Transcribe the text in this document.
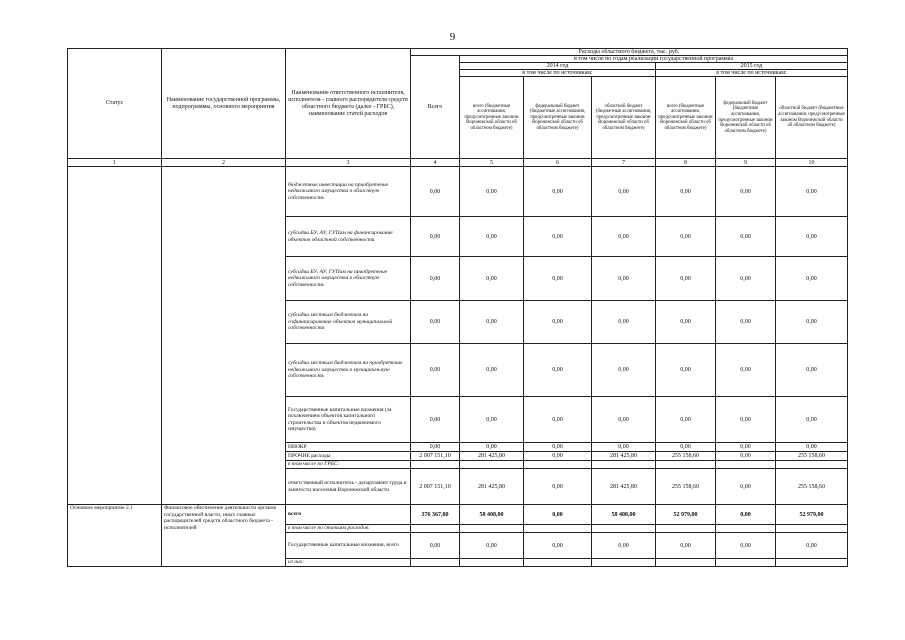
9
Статус	Наименование государственной программы, подпрограммы, основного мероприятия	Наименование ответственного исполнителя, исполнителя - главного распорядителя средств областного бюджета (далее - ГРБС), наименование статей расходов	Расходы областного бюджета, тыс. руб.						
			Всего	в том числе по годам реализации государственной программы					
				2014 год			2015 год		
				в том числе по источникам:			в том числе по источникам:		
				всего (бюджетные ассигнования, предусмотренные законом Воронежской области об областном бюджете)	федеральный бюджет (бюджетные ассигнования, предусмотренные законом Воронежской области об областном бюджете)	областной бюджет (бюджетные ассигнования, предусмотренные законом Воронежской области об областном бюджете)	всего (бюджетные ассигнования, предусмотренные законом Воронежской области об областном бюджете)	федеральный бюджет (бюджетные ассигнования, предусмотренные законом Воронежской области об областном бюджете)	областной бюджет (бюджетные ассигнования, предусмотренные законом Воронежской области об областном бюджете)
1	2	3	4	5	6	7	8	9	10
		бюджетные инвестиции на приобретение недвижимого имущества в областную собственность	0,00	0,00	0,00	0,00	0,00	0,00	0,00
		субсидии БУ, АУ, ГУПам на финансирование объектов областной собственности	0,00	0,00	0,00	0,00	0,00	0,00	0,00
		субсидии БУ, АУ, ГУПам на приобретение недвижимого имущества в областную собственность	0,00	0,00	0,00	0,00	0,00	0,00	0,00
		субсидии местным бюджетам на софинансирование объектов муниципальной собственности	0,00	0,00	0,00	0,00	0,00	0,00	0,00
		субсидии местным бюджетам на приобретение недвижимого имущества в муниципальную собственность	0,00	0,00	0,00	0,00	0,00	0,00	0,00
		Государственные капитальные вложения (за исключением объектов капитального строительства и объектов недвижимого имущества)	0,00	0,00	0,00	0,00	0,00	0,00	0,00
		НИОКР	0,00	0,00	0,00	0,00	0,00	0,00	0,00
		ПРОЧИЕ расходы	2 007 151,10	281 425,80	0,00	281 425,80	255 158,60	0,00	255 158,60
		в том числе по ГРБС:							
		ответственный исполнитель - департамент труда и занятости населения Воронежской области	2 007 151,10	281 425,80	0,00	281 425,80	255 158,60	0,00	255 158,60
Основное мероприятие 2.1	Финансовое обеспечение деятельности органов государственной власти, иных главных распорядителей средств областного бюджета - исполнителей	всего	376 367,00	58 408,00	0,00	58 408,00	52 979,00	0,00	52 979,00
		в том числе по статьям расходов:							
		Государственные капитальные вложения, всего	0,00	0,00	0,00	0,00	0,00	0,00	0,00
		из них:							
